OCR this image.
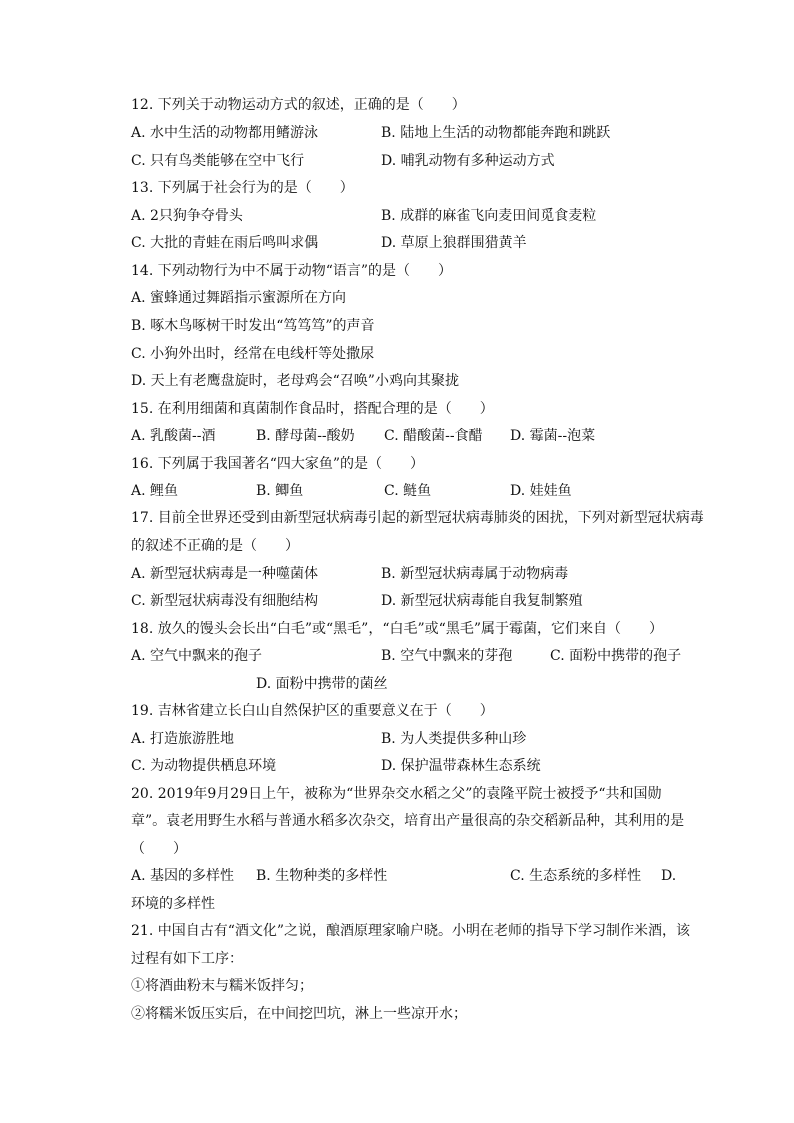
12. 下列关于动物运动方式的叙述，正确的是（　　）
A. 水中生活的动物都用鳍游泳	B. 陆地上生活的动物都能奔跑和跳跃
C. 只有鸟类能够在空中飞行	D. 哺乳动物有多种运动方式
13. 下列属于社会行为的是（　　）
A. 2只狗争夺骨头	B. 成群的麻雀飞向麦田间觅食麦粒
C. 大批的青蛙在雨后鸣叫求偶	D. 草原上狼群围猎黄羊
14. 下列动物行为中不属于动物“语言”的是（　　）
A. 蜜蜂通过舞蹈指示蜜源所在方向
B. 啄木鸟啄树干时发出“笃笃笃”的声音
C. 小狗外出时，经常在电线杆等处撒尿
D. 天上有老鹰盘旋时，老母鸡会“召唤”小鸡向其聚拢
15. 在利用细菌和真菌制作食品时，搭配合理的是（　　）
A. 乳酸菌--酒	B. 酵母菌--酸奶 C. 醋酸菌--食醋 D. 霉菌--泡菜
16. 下列属于我国著名“四大家鱼”的是（　　）
A. 鲤鱼	B. 鲫鱼	C. 鲢鱼	D. 娃娃鱼
17. 目前全世界还受到由新型冠状病毒引起的新型冠状病毒肺炎的困扰，下列对新型冠状病毒
的叙述不正确的是（　　）
A. 新型冠状病毒是一种噬菌体	B. 新型冠状病毒属于动物病毒
C. 新型冠状病毒没有细胞结构	D. 新型冠状病毒能自我复制繁殖
18. 放久的馒头会长出“白毛”或“黑毛”，“白毛”或“黑毛”属于霉菌，它们来自（　　）
A. 空气中飘来的孢子	B. 空气中飘来的芽孢	C. 面粉中携带的孢子
D. 面粉中携带的菌丝
19. 吉林省建立长白山自然保护区的重要意义在于（　　）
A. 打造旅游胜地	B. 为人类提供多种山珍
C. 为动物提供栖息环境	D. 保护温带森林生态系统
20. 2019年9月29日上午，被称为“世界杂交水稻之父”的袁隆平院士被授予“共和国勋
章”。袁老用野生水稻与普通水稻多次杂交，培育出产量很高的杂交稻新品种，其利用的是
（　　）
A. 基因的多样性 B. 生物种类的多样性	C. 生态系统的多样性 D.
环境的多样性
21. 中国自古有“酒文化”之说，酿酒原理家喻户晓。小明在老师的指导下学习制作米酒，该
过程有如下工序：
①将酒曲粉末与糯米饭拌匀；
②将糯米饭压实后，在中间挖凹坑，淋上一些凉开水；
